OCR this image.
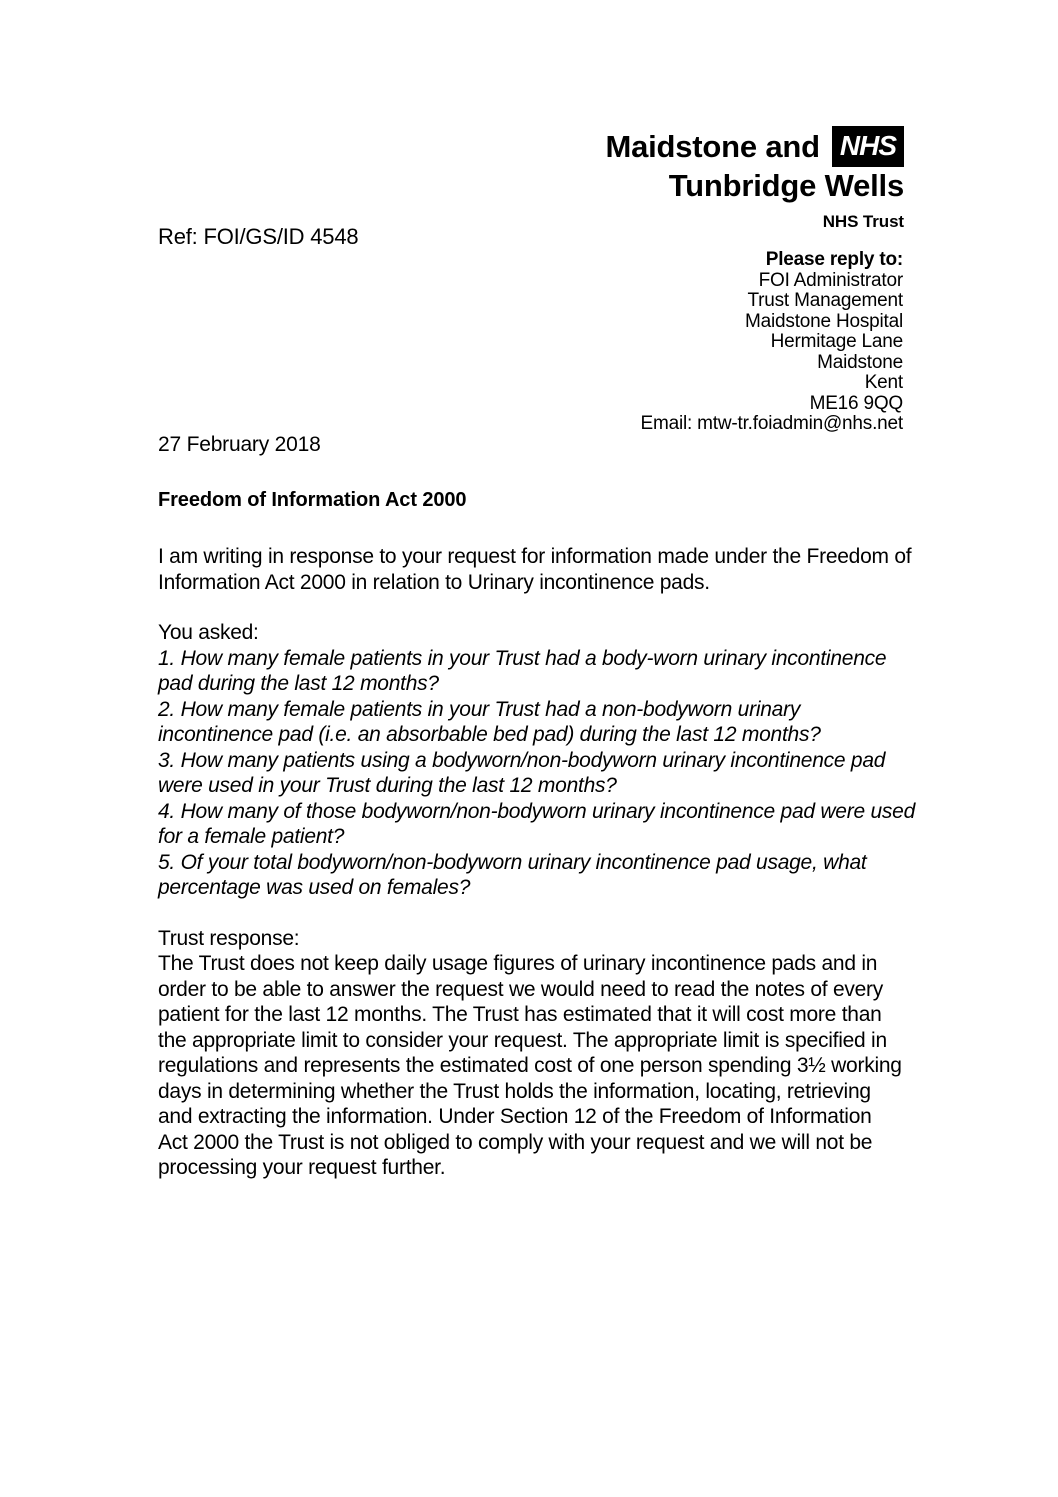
Maidstone and NHS
Tunbridge Wells
NHS Trust
Ref: FOI/GS/ID 4548
Please reply to:
FOI Administrator
Trust Management
Maidstone Hospital
Hermitage Lane
Maidstone
Kent
ME16 9QQ
Email: mtw-tr.foiadmin@nhs.net

27 February 2018

Freedom of Information Act 2000

I am writing in response to your request for information made under the Freedom of Information Act 2000 in relation to Urinary incontinence pads.

You asked:

1. How many female patients in your Trust had a body-worn urinary incontinence pad during the last 12 months?
2. How many female patients in your Trust had a non-bodyworn urinary incontinence pad (i.e. an absorbable bed pad) during the last 12 months?
3. How many patients using a bodyworn/non-bodyworn urinary incontinence pad were used in your Trust during the last 12 months?
4. How many of those bodyworn/non-bodyworn urinary incontinence pad were used for a female patient?
5. Of your total bodyworn/non-bodyworn urinary incontinence pad usage, what percentage was used on females?

Trust response:

The Trust does not keep daily usage figures of urinary incontinence pads and in order to be able to answer the request we would need to read the notes of every patient for the last 12 months. The Trust has estimated that it will cost more than the appropriate limit to consider your request. The appropriate limit is specified in regulations and represents the estimated cost of one person spending 3½ working days in determining whether the Trust holds the information, locating, retrieving and extracting the information. Under Section 12 of the Freedom of Information Act 2000 the Trust is not obliged to comply with your request and we will not be processing your request further.
